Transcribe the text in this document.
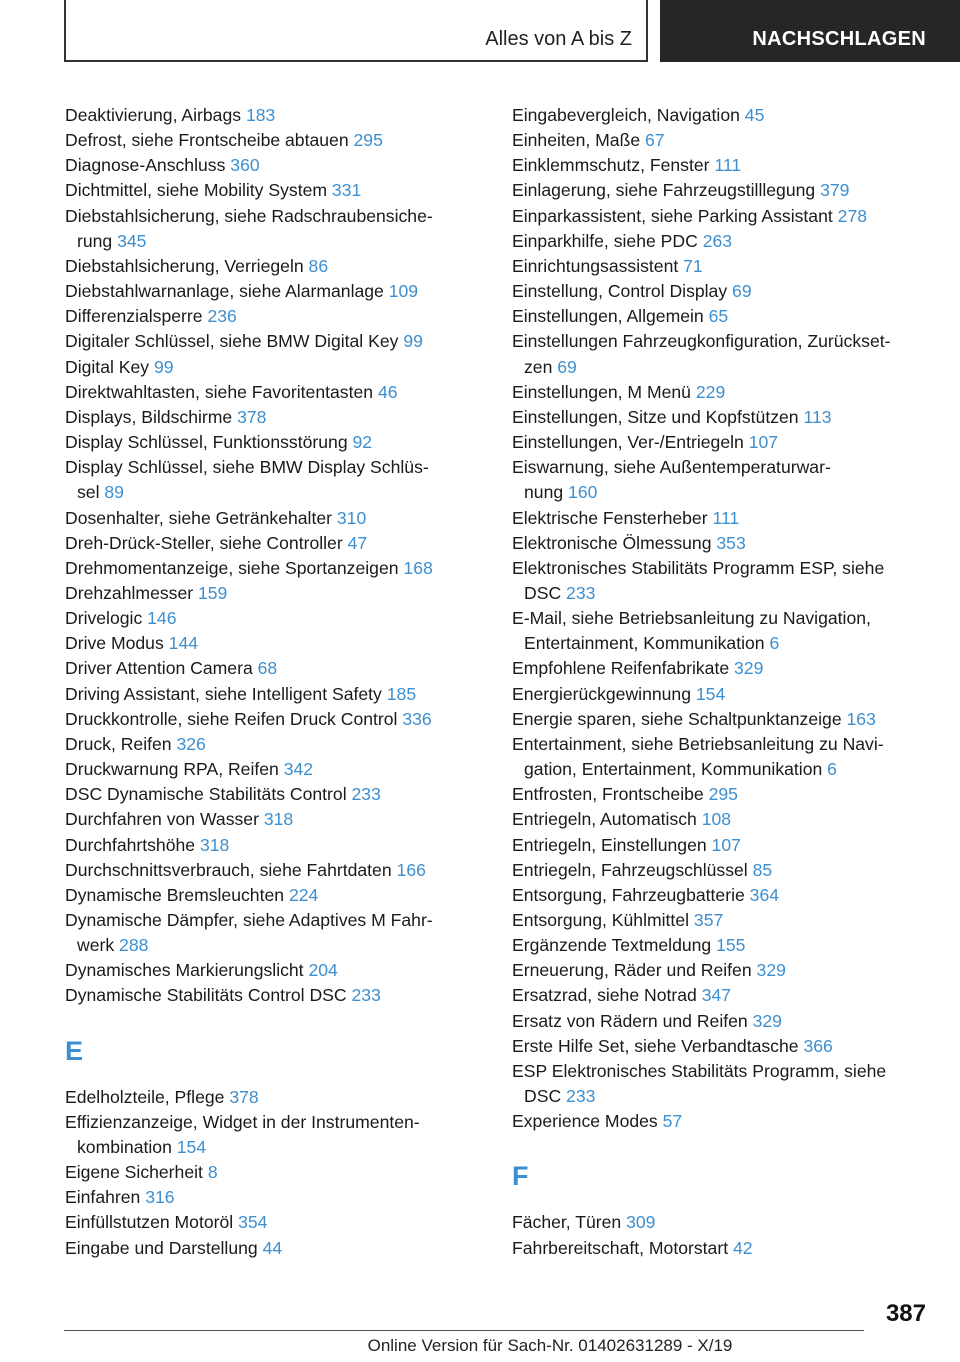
Alles von A bis Z	NACHSCHLAGEN
Deaktivierung, Airbags 183
Defrost, siehe Frontscheibe abtauen 295
Diagnose-Anschluss 360
Dichtmittel, siehe Mobility System 331
Diebstahlsicherung, siehe Radschraubensiche-
rung 345
Diebstahlsicherung, Verriegeln 86
Diebstahlwarnanlage, siehe Alarmanlage 109
Differenzialsperre 236
Digitaler Schlüssel, siehe BMW Digital Key 99
Digital Key 99
Direktwahltasten, siehe Favoritentasten 46
Displays, Bildschirme 378
Display Schlüssel, Funktionsstörung 92
Display Schlüssel, siehe BMW Display Schlüs-
sel 89
Dosenhalter, siehe Getränkehalter 310
Dreh-Drück-Steller, siehe Controller 47
Drehmomentanzeige, siehe Sportanzeigen 168
Drehzahlmesser 159
Drivelogic 146
Drive Modus 144
Driver Attention Camera 68
Driving Assistant, siehe Intelligent Safety 185
Druckkontrolle, siehe Reifen Druck Control 336
Druck, Reifen 326
Druckwarnung RPA, Reifen 342
DSC Dynamische Stabilitäts Control 233
Durchfahren von Wasser 318
Durchfahrtshöhe 318
Durchschnittsverbrauch, siehe Fahrtdaten 166
Dynamische Bremsleuchten 224
Dynamische Dämpfer, siehe Adaptives M Fahr-
werk 288
Dynamisches Markierungslicht 204
Dynamische Stabilitäts Control DSC 233
E
Edelholzteile, Pflege 378
Effizienzanzeige, Widget in der Instrumenten-
kombination 154
Eigene Sicherheit 8
Einfahren 316
Einfüllstutzen Motoröl 354
Eingabe und Darstellung 44
Eingabevergleich, Navigation 45
Einheiten, Maße 67
Einklemmschutz, Fenster 111
Einlagerung, siehe Fahrzeugstilllegung 379
Einparkassistent, siehe Parking Assistant 278
Einparkhilfe, siehe PDC 263
Einrichtungsassistent 71
Einstellung, Control Display 69
Einstellungen, Allgemein 65
Einstellungen Fahrzeugkonfiguration, Zurückset-
zen 69
Einstellungen, M Menü 229
Einstellungen, Sitze und Kopfstützen 113
Einstellungen, Ver-/Entriegeln 107
Eiswarnung, siehe Außentemperaturwar-
nung 160
Elektrische Fensterheber 111
Elektronische Ölmessung 353
Elektronisches Stabilitäts Programm ESP, siehe
DSC 233
E-Mail, siehe Betriebsanleitung zu Navigation,
Entertainment, Kommunikation 6
Empfohlene Reifenfabrikate 329
Energierückgewinnung 154
Energie sparen, siehe Schaltpunktanzeige 163
Entertainment, siehe Betriebsanleitung zu Navi-
gation, Entertainment, Kommunikation 6
Entfrosten, Frontscheibe 295
Entriegeln, Automatisch 108
Entriegeln, Einstellungen 107
Entriegeln, Fahrzeugschlüssel 85
Entsorgung, Fahrzeugbatterie 364
Entsorgung, Kühlmittel 357
Ergänzende Textmeldung 155
Erneuerung, Räder und Reifen 329
Ersatzrad, siehe Notrad 347
Ersatz von Rädern und Reifen 329
Erste Hilfe Set, siehe Verbandtasche 366
ESP Elektronisches Stabilitäts Programm, siehe
DSC 233
Experience Modes 57
F
Fächer, Türen 309
Fahrbereitschaft, Motorstart 42
387
Online Version für Sach-Nr. 01402631289 - X/19
